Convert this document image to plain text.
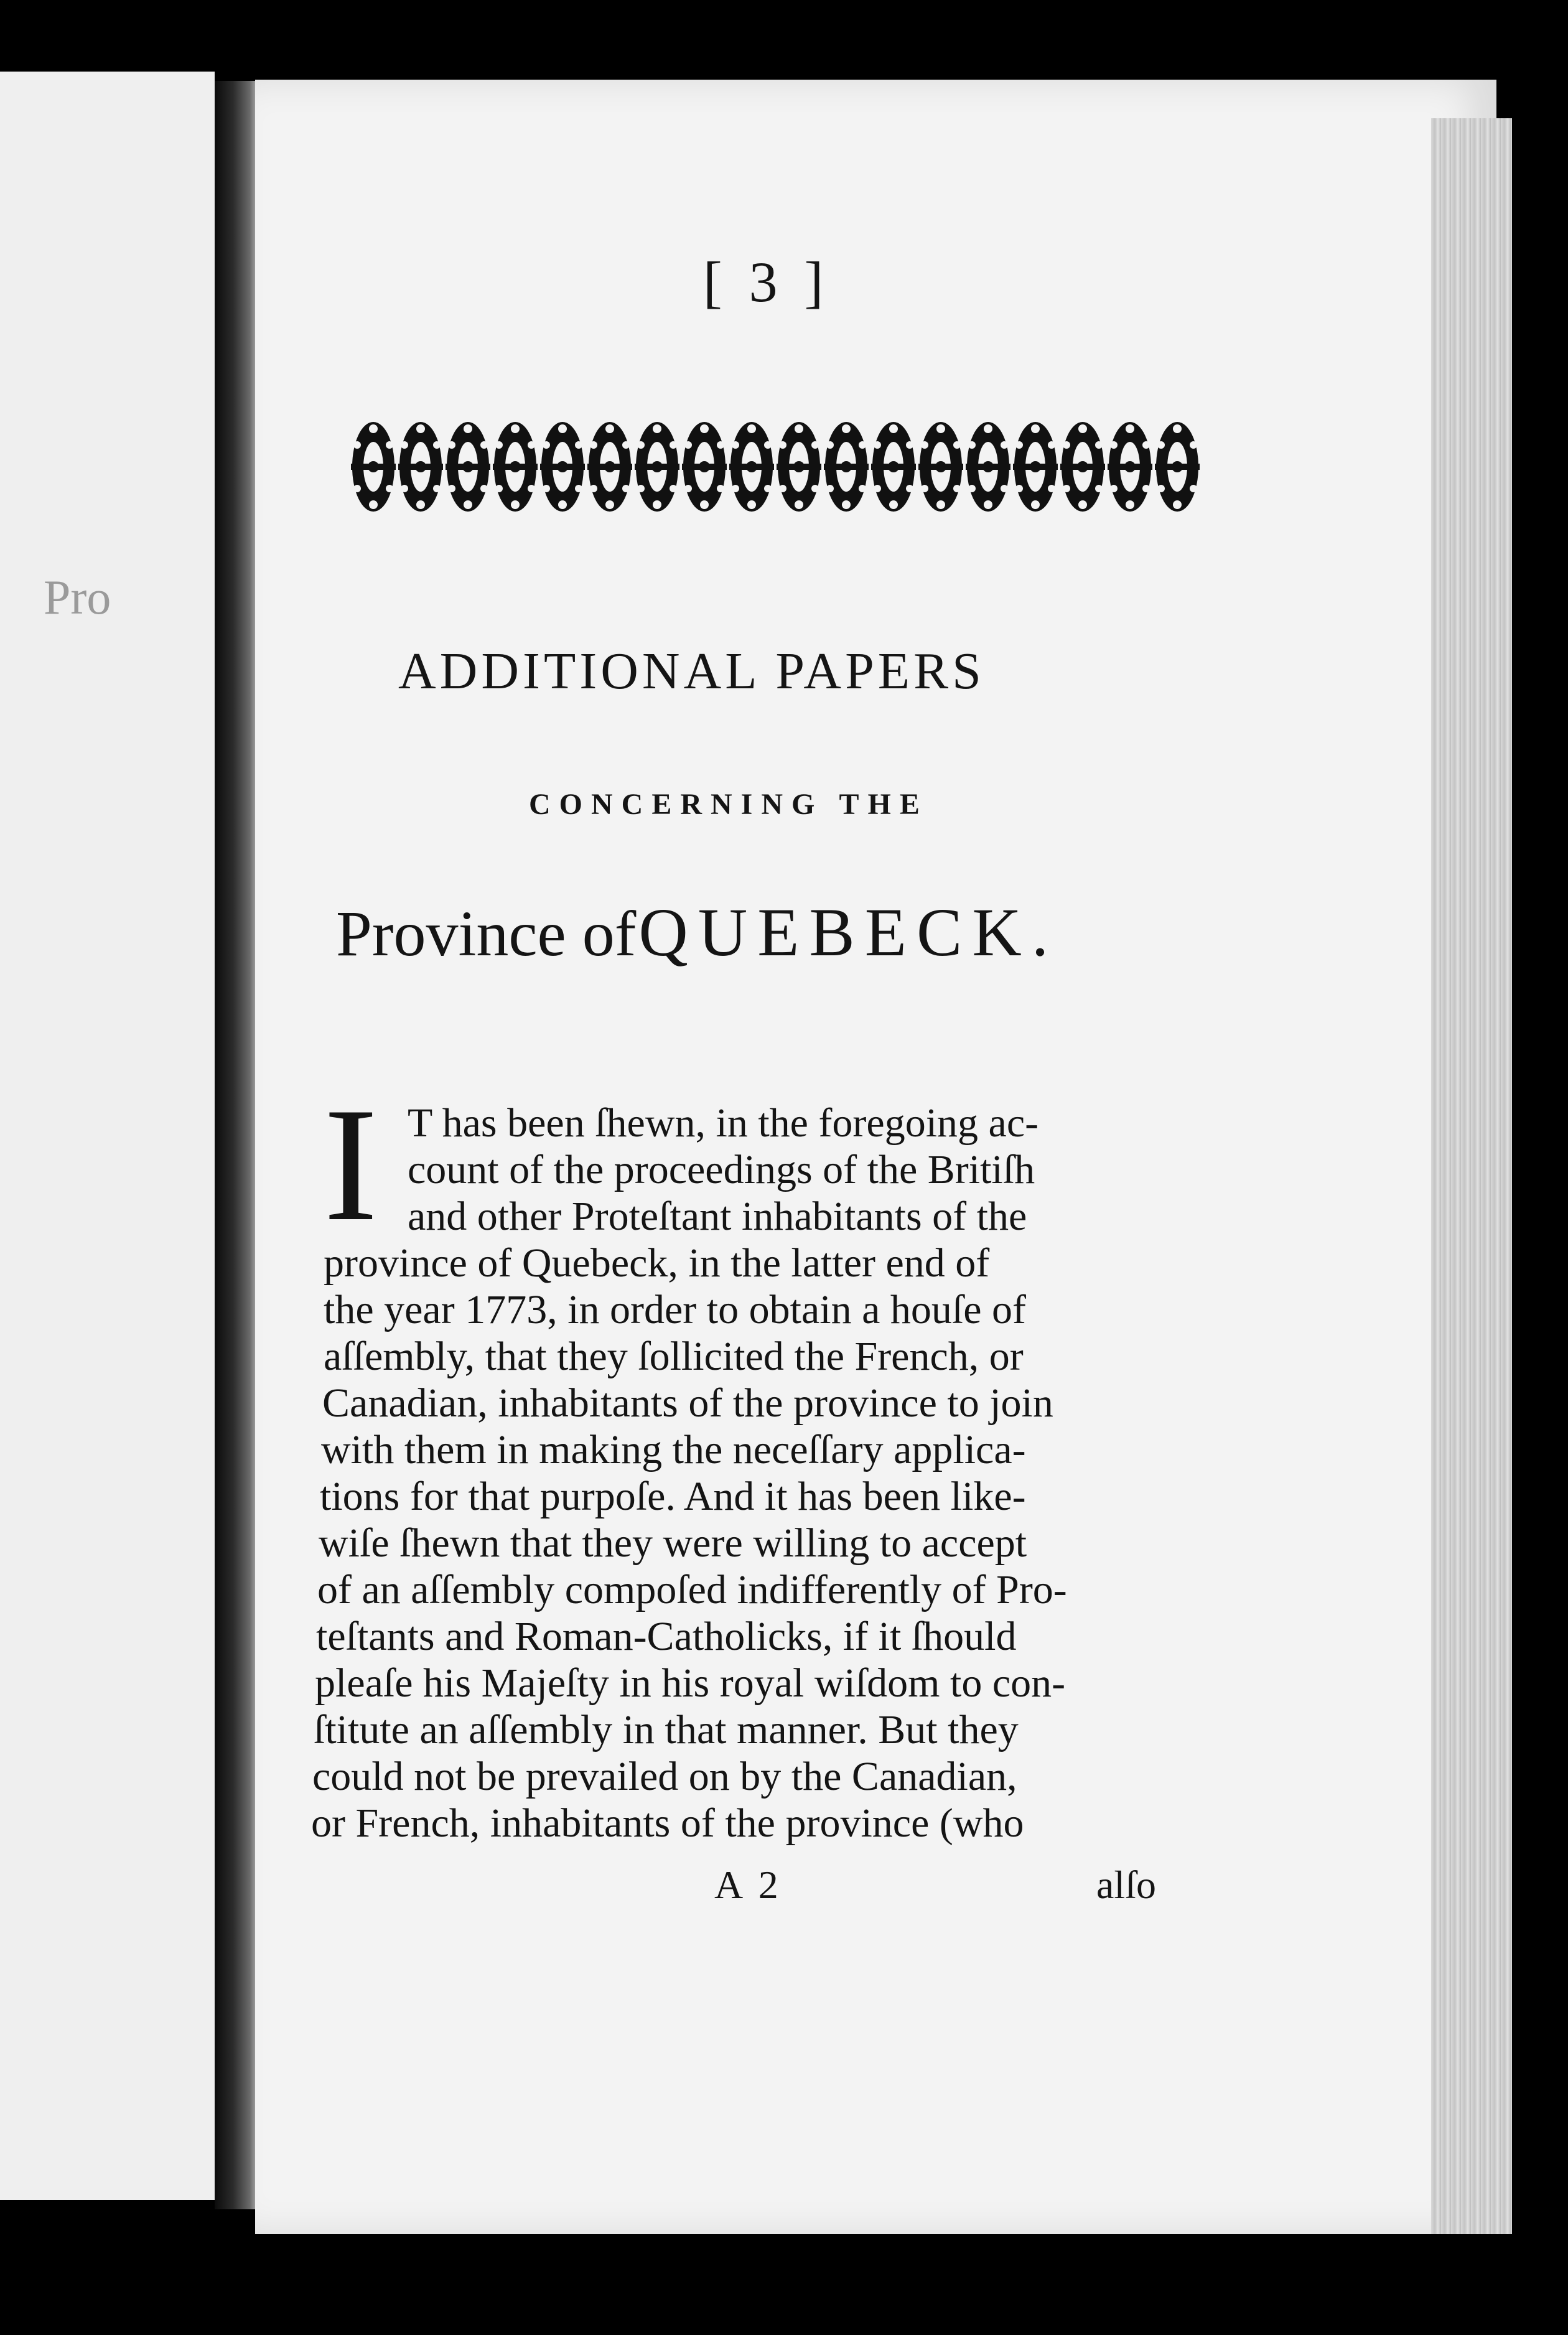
Pro
[ 3 ]
ADDITIONAL PAPERS
CONCERNING THE
Province of QUEBECK.
I T has been ſhewn, in the foregoing ac-
count of the proceedings of the Britiſh
and other Proteſtant inhabitants of the
province of Quebeck, in the latter end of
the year 1773, in order to obtain a houſe of
aſſembly, that they ſollicited the French, or
Canadian, inhabitants of the province to join
with them in making the neceſſary applica-
tions for that purpoſe. And it has been like-
wiſe ſhewn that they were willing to accept
of an aſſembly compoſed indifferently of Pro-
teſtants and Roman-Catholicks, if it ſhould
pleaſe his Majeſty in his royal wiſdom to con-
ſtitute an aſſembly in that manner. But they
could not be prevailed on by the Canadian,
or French, inhabitants of the province (who
A 2	alſo
